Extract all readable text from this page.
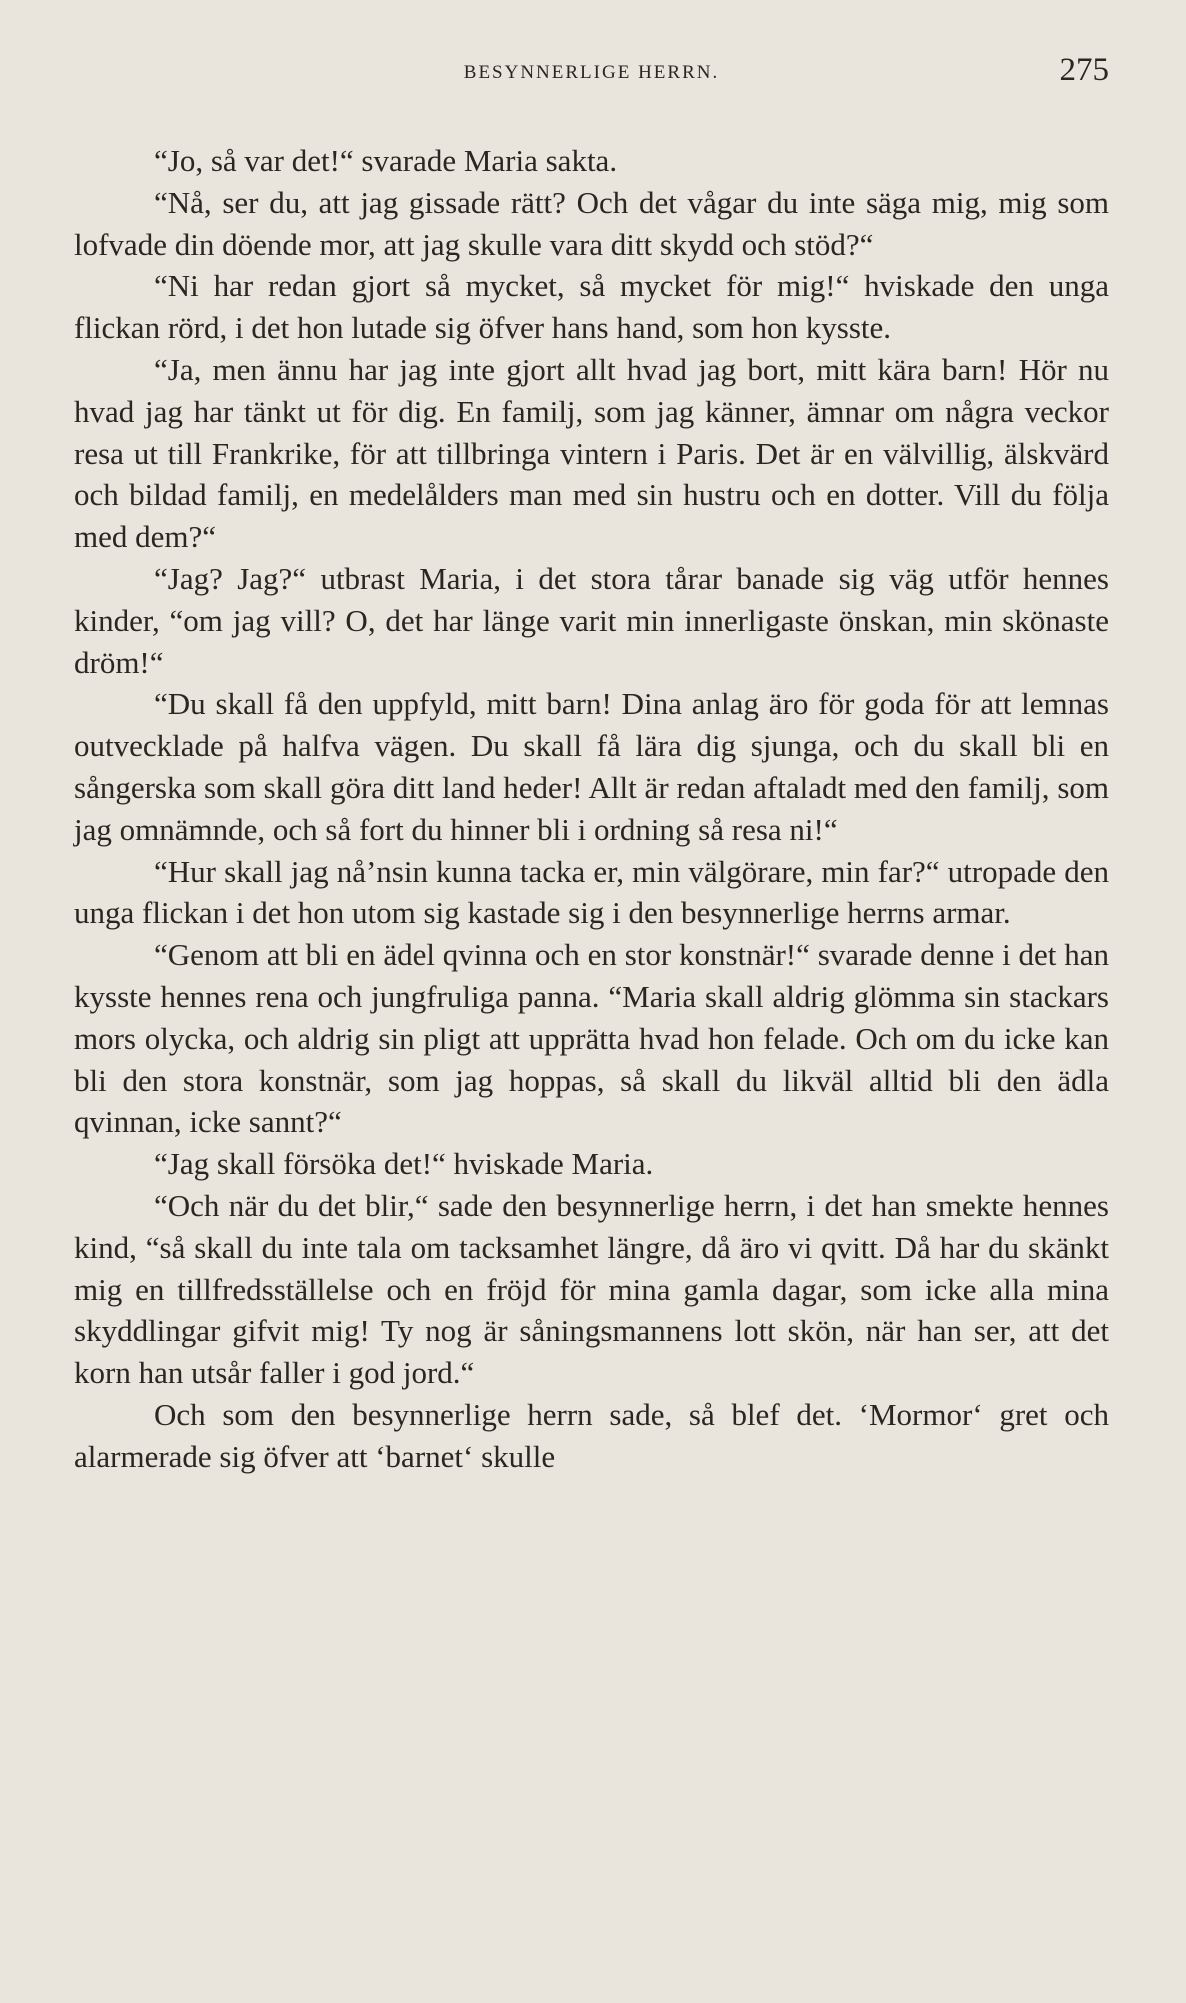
BESYNNERLIGE HERRN.	275

“Jo, så var det!“ svarade Maria sakta.

“Nå, ser du, att jag gissade rätt? Och det vågar du inte säga mig, mig som lofvade din döende mor, att jag skulle vara ditt skydd och stöd?“

“Ni har redan gjort så mycket, så mycket för mig!“ hviskade den unga flickan rörd, i det hon lutade sig öfver hans hand, som hon kysste.

“Ja, men ännu har jag inte gjort allt hvad jag bort, mitt kära barn! Hör nu hvad jag har tänkt ut för dig. En familj, som jag känner, ämnar om några veckor resa ut till Frankrike, för att tillbringa vintern i Paris. Det är en välvillig, älskvärd och bildad familj, en medelålders man med sin hustru och en dotter. Vill du följa med dem?“

“Jag? Jag?“ utbrast Maria, i det stora tårar banade sig väg utför hennes kinder, “om jag vill? O, det har länge varit min innerligaste önskan, min skönaste dröm!“

“Du skall få den uppfyld, mitt barn! Dina anlag äro för goda för att lemnas outvecklade på halfva vägen. Du skall få lära dig sjunga, och du skall bli en sångerska som skall göra ditt land heder! Allt är redan aftaladt med den familj, som jag omnämnde, och så fort du hinner bli i ordning så resa ni!“

“Hur skall jag nå’nsin kunna tacka er, min välgörare, min far?“ utropade den unga flickan i det hon utom sig kastade sig i den besynnerlige herrns armar.

“Genom att bli en ädel qvinna och en stor konstnär!“ svarade denne i det han kysste hennes rena och jungfruliga panna. “Maria skall aldrig glömma sin stackars mors olycka, och aldrig sin pligt att upprätta hvad hon felade. Och om du icke kan bli den stora konstnär, som jag hoppas, så skall du likväl alltid bli den ädla qvinnan, icke sannt?“

“Jag skall försöka det!“ hviskade Maria.

“Och när du det blir,“ sade den besynnerlige herrn, i det han smekte hennes kind, “så skall du inte tala om tacksamhet längre, då äro vi qvitt. Då har du skänkt mig en tillfredsställelse och en fröjd för mina gamla dagar, som icke alla mina skyddlingar gifvit mig! Ty nog är såningsmannens lott skön, när han ser, att det korn han utsår faller i god jord.“

Och som den besynnerlige herrn sade, så blef det. ‘Mormor‘ gret och alarmerade sig öfver att ‘barnet‘ skulle
